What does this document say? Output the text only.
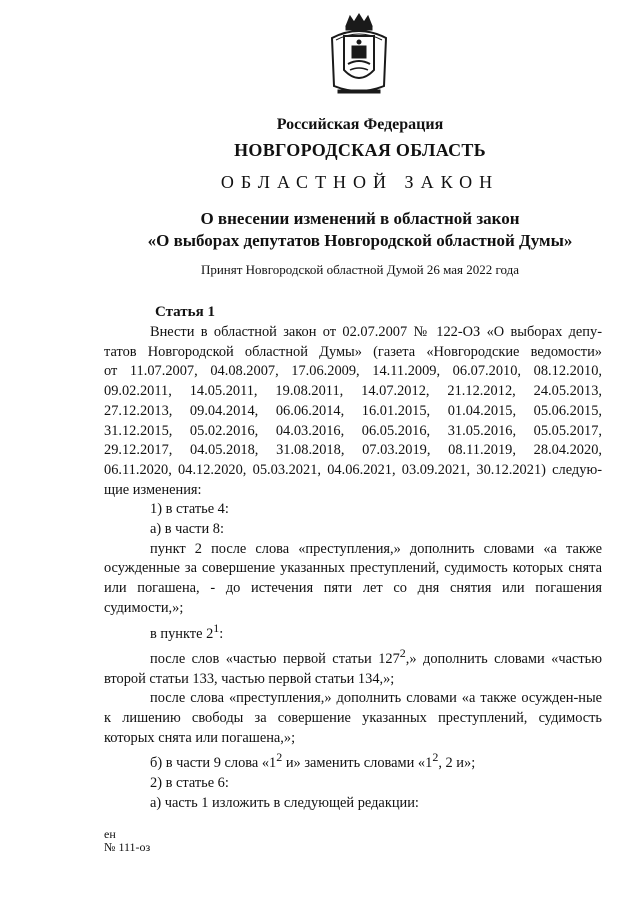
Российская Федерация
НОВГОРОДСКАЯ ОБЛАСТЬ
ОБЛАСТНОЙ ЗАКОН
О внесении изменений в областной закон
«О выборах депутатов Новгородской областной Думы»
Принят Новгородской областной Думой 26 мая 2022 года
Статья 1

Внести в областной закон от 02.07.2007 № 122-ОЗ «О выборах депу-

татов Новгородской областной Думы» (газета «Новгородские ведомости»

от 11.07.2007, 04.08.2007, 17.06.2009, 14.11.2009, 06.07.2010, 08.12.2010,

09.02.2011, 14.05.2011, 19.08.2011, 14.07.2012, 21.12.2012, 24.05.2013,

27.12.2013, 09.04.2014, 06.06.2014, 16.01.2015, 01.04.2015, 05.06.2015,

31.12.2015, 05.02.2016, 04.03.2016, 06.05.2016, 31.05.2016, 05.05.2017,

29.12.2017, 04.05.2018, 31.08.2018, 07.03.2019, 08.11.2019, 28.04.2020,

06.11.2020, 04.12.2020, 05.03.2021, 04.06.2021, 03.09.2021, 30.12.2021) следую-

щие изменения:

1) в статье 4:

а) в части 8:

пункт 2 после слова «преступления,» дополнить словами «а также осужденные за совершение указанных преступлений, судимость которых снята или погашена, - до истечения пяти лет со дня снятия или погашения судимости,»;

в пункте $2^1$:

после слов «частью первой статьи $127^2$,» дополнить словами «частью второй статьи 133, частью первой статьи 134,»;

после слова «преступления,» дополнить словами «а также осужден-ные к лишению свободы за совершение указанных преступлений, судимость которых снята или погашена,»;

б) в части 9 слова «$1^2$ и» заменить словами «$1^2$, 2 и»;

2) в статье 6:

а) часть 1 изложить в следующей редакции:

ен
№ 111-оз
